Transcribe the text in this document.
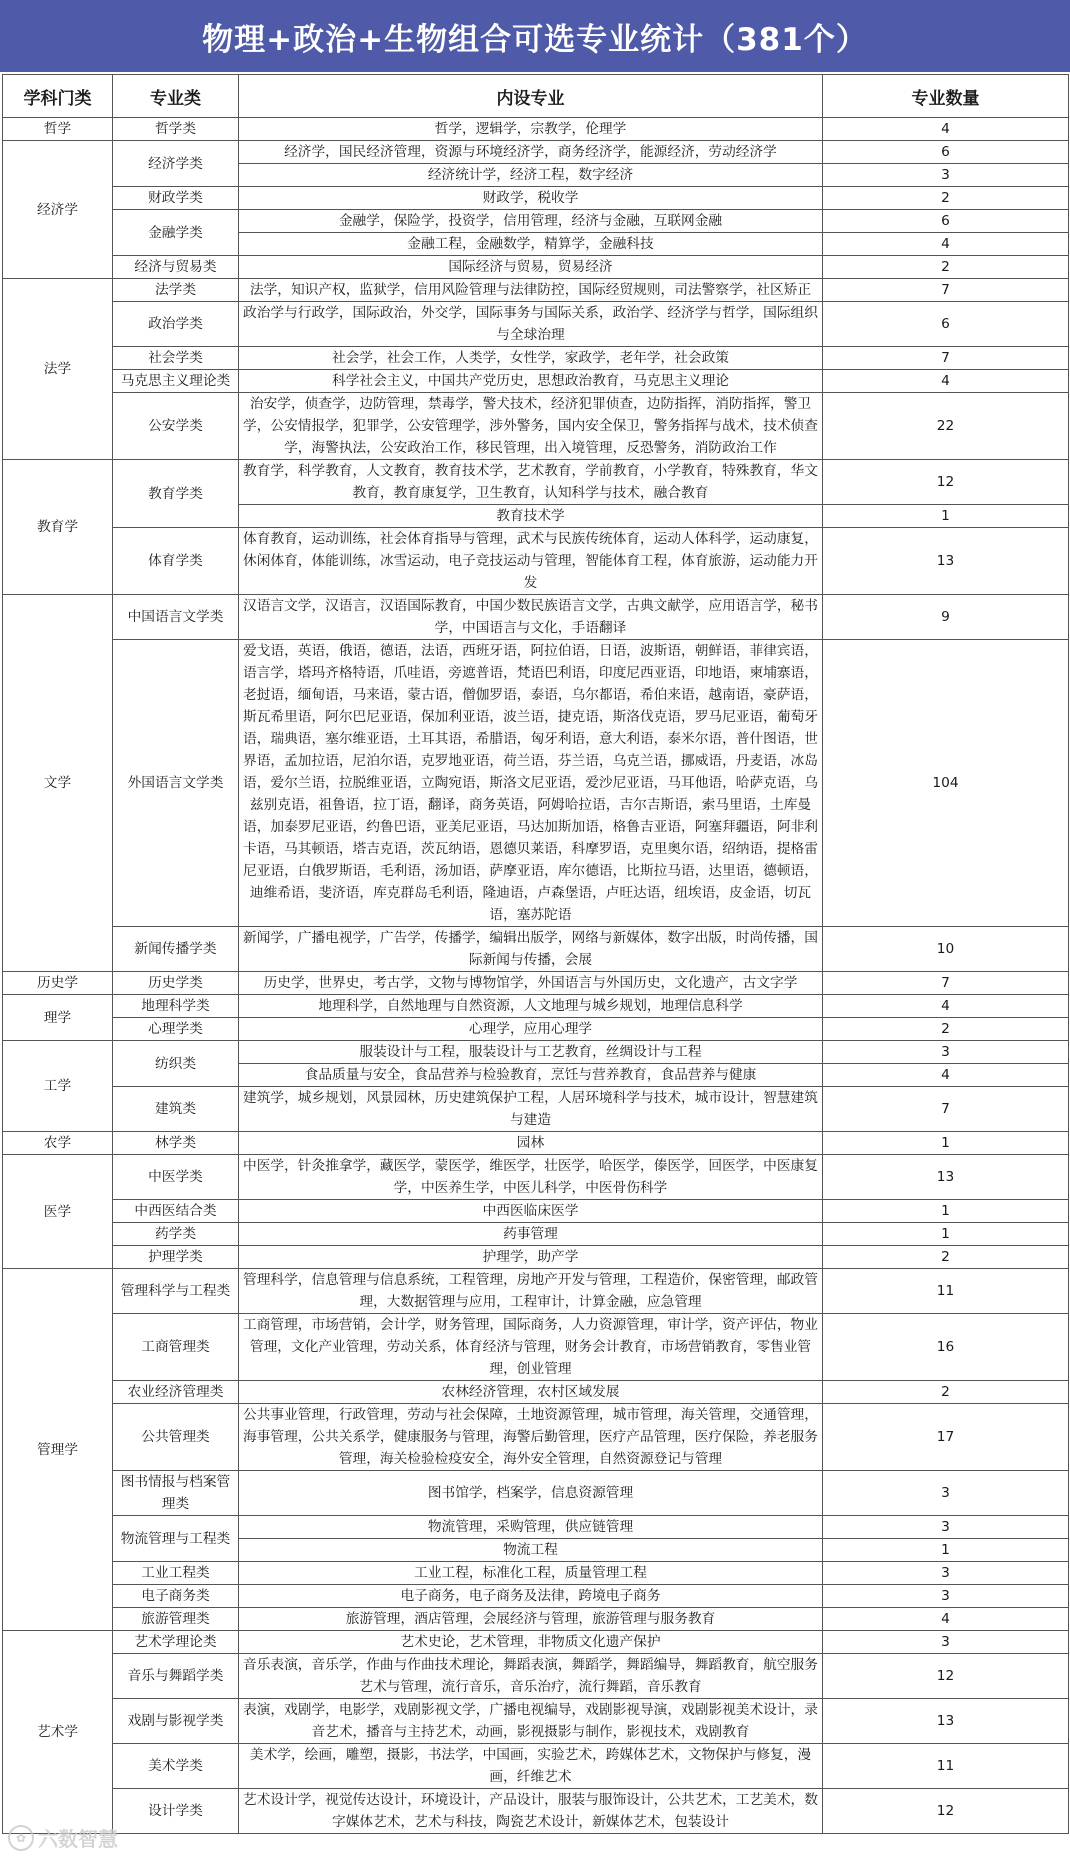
物理+政治+生物组合可选专业统计（381个）
学科门类	专业类	内设专业	专业数量
哲学	哲学类	哲学，逻辑学，宗教学，伦理学	4
经济学	经济学类	经济学，国民经济管理，资源与环境经济学，商务经济学，能源经济，劳动经济学	6
		经济统计学，经济工程，数字经济	3
	财政学类	财政学，税收学	2
	金融学类	金融学，保险学，投资学，信用管理，经济与金融，互联网金融	6
		金融工程，金融数学，精算学，金融科技	4
	经济与贸易类	国际经济与贸易，贸易经济	2
法学	法学类	法学，知识产权，监狱学，信用风险管理与法律防控，国际经贸规则，司法警察学，社区矫正	7
	政治学类	政治学与行政学，国际政治，外交学，国际事务与国际关系，政治学、经济学与哲学，国际组织与全球治理	6
	社会学类	社会学，社会工作，人类学，女性学，家政学，老年学，社会政策	7
	马克思主义理论类	科学社会主义，中国共产党历史，思想政治教育，马克思主义理论	4
	公安学类	治安学，侦查学，边防管理，禁毒学，警犬技术，经济犯罪侦查，边防指挥，消防指挥，警卫学，公安情报学，犯罪学，公安管理学，涉外警务，国内安全保卫，警务指挥与战术，技术侦查学，海警执法，公安政治工作，移民管理，出入境管理，反恐警务，消防政治工作	22
教育学	教育学类	教育学，科学教育，人文教育，教育技术学，艺术教育，学前教育，小学教育，特殊教育，华文教育，教育康复学，卫生教育，认知科学与技术，融合教育	12
		教育技术学	1
	体育学类	体育教育，运动训练，社会体育指导与管理，武术与民族传统体育，运动人体科学，运动康复，休闲体育，体能训练，冰雪运动，电子竞技运动与管理，智能体育工程，体育旅游，运动能力开发	13
文学	中国语言文学类	汉语言文学，汉语言，汉语国际教育，中国少数民族语言文学，古典文献学，应用语言学，秘书学，中国语言与文化，手语翻译	9
	外国语言文学类	爱戈语，英语，俄语，德语，法语，西班牙语，阿拉伯语，日语，波斯语，朝鲜语，菲律宾语，语言学，塔玛齐格特语，爪哇语，旁遮普语，梵语巴利语，印度尼西亚语，印地语，柬埔寨语，老挝语，缅甸语，马来语，蒙古语，僧伽罗语，泰语，乌尔都语，希伯来语，越南语，豪萨语，斯瓦希里语，阿尔巴尼亚语，保加利亚语，波兰语，捷克语，斯洛伐克语，罗马尼亚语，葡萄牙语，瑞典语，塞尔维亚语，土耳其语，希腊语，匈牙利语，意大利语，泰米尔语，普什图语，世界语，孟加拉语，尼泊尔语，克罗地亚语，荷兰语，芬兰语，乌克兰语，挪威语，丹麦语，冰岛语，爱尔兰语，拉脱维亚语，立陶宛语，斯洛文尼亚语，爱沙尼亚语，马耳他语，哈萨克语，乌兹别克语，祖鲁语，拉丁语，翻译，商务英语，阿姆哈拉语，吉尔吉斯语，索马里语，土库曼语，加泰罗尼亚语，约鲁巴语，亚美尼亚语，马达加斯加语，格鲁吉亚语，阿塞拜疆语，阿非利卡语，马其顿语，塔吉克语，茨瓦纳语，恩德贝莱语，科摩罗语，克里奥尔语，绍纳语，提格雷尼亚语，白俄罗斯语，毛利语，汤加语，萨摩亚语，库尔德语，比斯拉马语，达里语，德顿语，迪维希语，斐济语，库克群岛毛利语，隆迪语，卢森堡语，卢旺达语，纽埃语，皮金语，切瓦语，塞苏陀语	104
	新闻传播学类	新闻学，广播电视学，广告学，传播学，编辑出版学，网络与新媒体，数字出版，时尚传播，国际新闻与传播，会展	10
历史学	历史学类	历史学，世界史，考古学，文物与博物馆学，外国语言与外国历史，文化遗产，古文字学	7
理学	地理科学类	地理科学，自然地理与自然资源，人文地理与城乡规划，地理信息科学	4
	心理学类	心理学，应用心理学	2
工学	纺织类	服装设计与工程，服装设计与工艺教育，丝绸设计与工程	3
		食品质量与安全，食品营养与检验教育，烹饪与营养教育，食品营养与健康	4
	建筑类	建筑学，城乡规划，风景园林，历史建筑保护工程，人居环境科学与技术，城市设计，智慧建筑与建造	7
农学	林学类	园林	1
医学	中医学类	中医学，针灸推拿学，藏医学，蒙医学，维医学，壮医学，哈医学，傣医学，回医学，中医康复学，中医养生学，中医儿科学，中医骨伤科学	13
	中西医结合类	中西医临床医学	1
	药学类	药事管理	1
	护理学类	护理学，助产学	2
管理学	管理科学与工程类	管理科学，信息管理与信息系统，工程管理，房地产开发与管理，工程造价，保密管理，邮政管理，大数据管理与应用，工程审计，计算金融，应急管理	11
	工商管理类	工商管理，市场营销，会计学，财务管理，国际商务，人力资源管理，审计学，资产评估，物业管理，文化产业管理，劳动关系，体育经济与管理，财务会计教育，市场营销教育，零售业管理，创业管理	16
	农业经济管理类	农林经济管理，农村区域发展	2
	公共管理类	公共事业管理，行政管理，劳动与社会保障，土地资源管理，城市管理，海关管理，交通管理，海事管理，公共关系学，健康服务与管理，海警后勤管理，医疗产品管理，医疗保险，养老服务管理，海关检验检疫安全，海外安全管理，自然资源登记与管理	17
	图书情报与档案管理类	图书馆学，档案学，信息资源管理	3
	物流管理与工程类	物流管理，采购管理，供应链管理	3
		物流工程	1
	工业工程类	工业工程，标准化工程，质量管理工程	3
	电子商务类	电子商务，电子商务及法律，跨境电子商务	3
	旅游管理类	旅游管理，酒店管理，会展经济与管理，旅游管理与服务教育	4
艺术学	艺术学理论类	艺术史论，艺术管理，非物质文化遗产保护	3
	音乐与舞蹈学类	音乐表演，音乐学，作曲与作曲技术理论，舞蹈表演，舞蹈学，舞蹈编导，舞蹈教育，航空服务艺术与管理，流行音乐，音乐治疗，流行舞蹈，音乐教育	12
	戏剧与影视学类	表演，戏剧学，电影学，戏剧影视文学，广播电视编导，戏剧影视导演，戏剧影视美术设计，录音艺术，播音与主持艺术，动画，影视摄影与制作，影视技术，戏剧教育	13
	美术学类	美术学，绘画，雕塑，摄影，书法学，中国画，实验艺术，跨媒体艺术，文物保护与修复，漫画，纤维艺术	11
	设计学类	艺术设计学，视觉传达设计，环境设计，产品设计，服装与服饰设计，公共艺术，工艺美术，数字媒体艺术，艺术与科技，陶瓷艺术设计，新媒体艺术，包装设计	12
✿ 六数智慧
